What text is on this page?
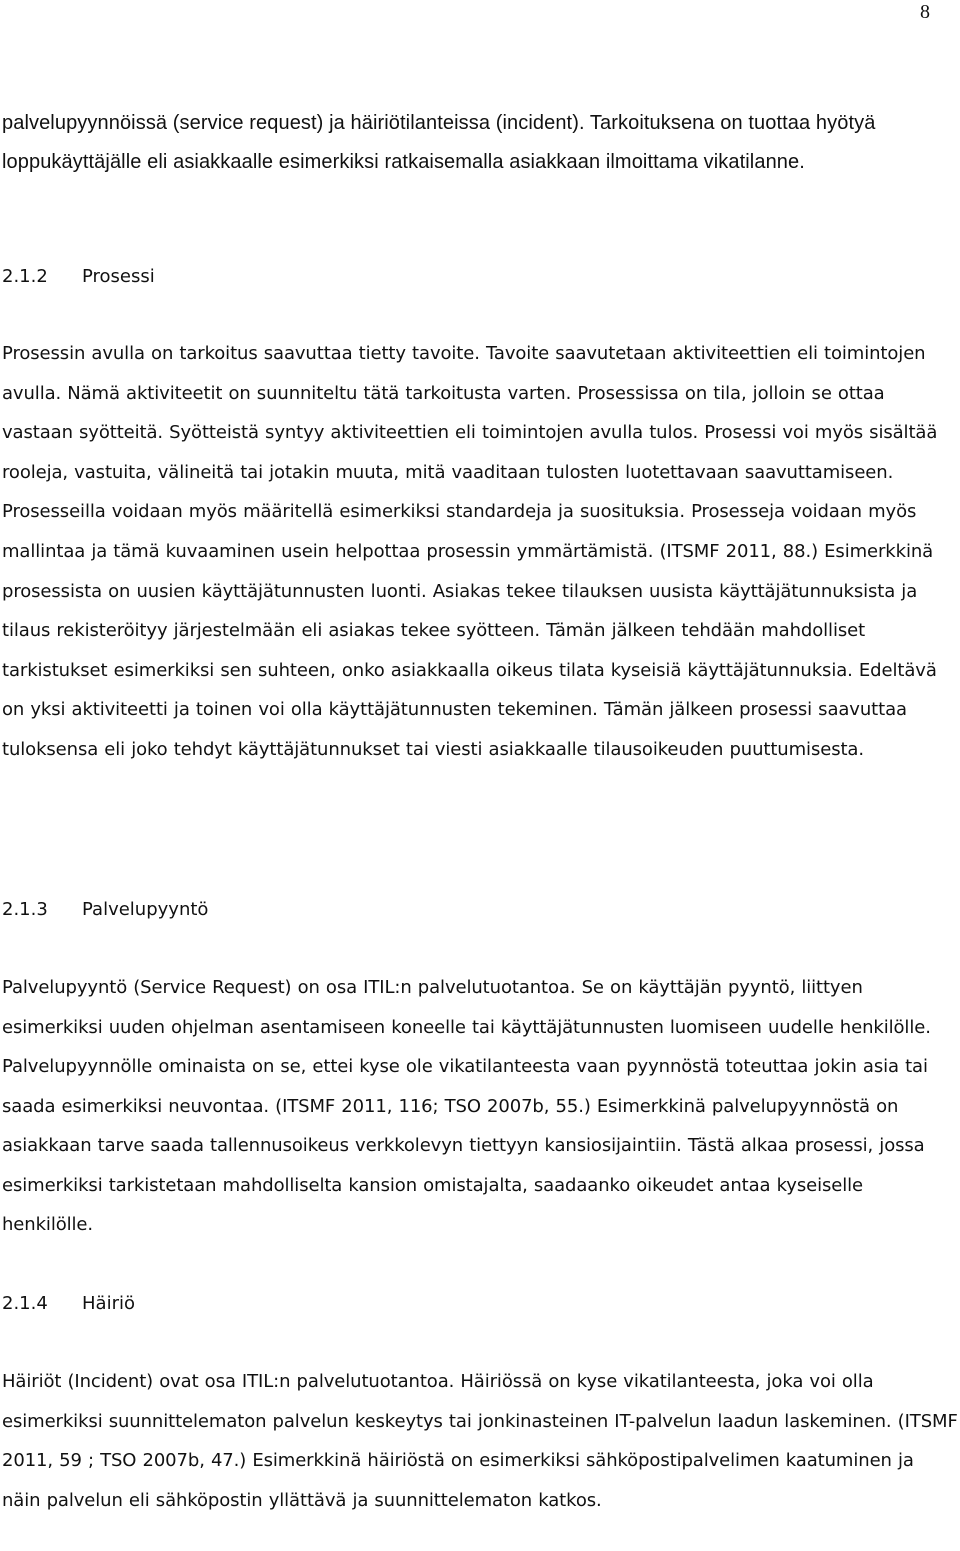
8

palvelupyynnöissä (service request) ja häiriötilanteissa (incident). Tarkoituksena on tuottaa hyötyä loppukäyttäjälle eli asiakkaalle esimerkiksi ratkaisemalla asiakkaan ilmoittama vikatilanne.

2.1.2 Prosessi

Prosessin avulla on tarkoitus saavuttaa tietty tavoite. Tavoite saavutetaan aktiviteettien eli toimintojen avulla. Nämä aktiviteetit on suunniteltu tätä tarkoitusta varten. Prosessissa on tila, jolloin se ottaa vastaan syötteitä. Syötteistä syntyy aktiviteettien eli toimintojen avulla tulos. Prosessi voi myös sisältää rooleja, vastuita, välineitä tai jotakin muuta, mitä vaaditaan tulosten luotettavaan saavuttamiseen. Prosesseilla voidaan myös määritellä esimerkiksi standardeja ja suosituksia. Prosesseja voidaan myös mallintaa ja tämä kuvaaminen usein helpottaa prosessin ymmärtämistä. (ITSMF 2011, 88.) Esimerkkinä prosessista on uusien käyttäjätunnusten luonti. Asiakas tekee tilauksen uusista käyttäjätunnuksista ja tilaus rekisteröityy järjestelmään eli asiakas tekee syötteen. Tämän jälkeen tehdään mahdolliset tarkistukset esimerkiksi sen suhteen, onko asiakkaalla oikeus tilata kyseisiä käyttäjätunnuksia. Edeltävä on yksi aktiviteetti ja toinen voi olla käyttäjätunnusten tekeminen. Tämän jälkeen prosessi saavuttaa tuloksensa eli joko tehdyt käyttäjätunnukset tai viesti asiakkaalle tilausoikeuden puuttumisesta.

2.1.3 Palvelupyyntö

Palvelupyyntö (Service Request) on osa ITIL:n palvelutuotantoa. Se on käyttäjän pyyntö, liittyen esimerkiksi uuden ohjelman asentamiseen koneelle tai käyttäjätunnusten luomiseen uudelle henkilölle. Palvelupyynnölle ominaista on se, ettei kyse ole vikatilanteesta vaan pyynnöstä toteuttaa jokin asia tai saada esimerkiksi neuvontaa. (ITSMF 2011, 116; TSO 2007b, 55.) Esimerkkinä palvelupyynnöstä on asiakkaan tarve saada tallennusoikeus verkkolevyn tiettyyn kansiosijaintiin. Tästä alkaa prosessi, jossa esimerkiksi tarkistetaan mahdolliselta kansion omistajalta, saadaanko oikeudet antaa kyseiselle henkilölle.

2.1.4 Häiriö

Häiriöt (Incident) ovat osa ITIL:n palvelutuotantoa. Häiriössä on kyse vikatilanteesta, joka voi olla esimerkiksi suunnittelematon palvelun keskeytys tai jonkinasteinen IT-palvelun laadun laskeminen. (ITSMF 2011, 59 ; TSO 2007b, 47.) Esimerkkinä häiriöstä on esimerkiksi sähköpostipalvelimen kaatuminen ja näin palvelun eli sähköpostin yllättävä ja suunnittelematon katkos.
